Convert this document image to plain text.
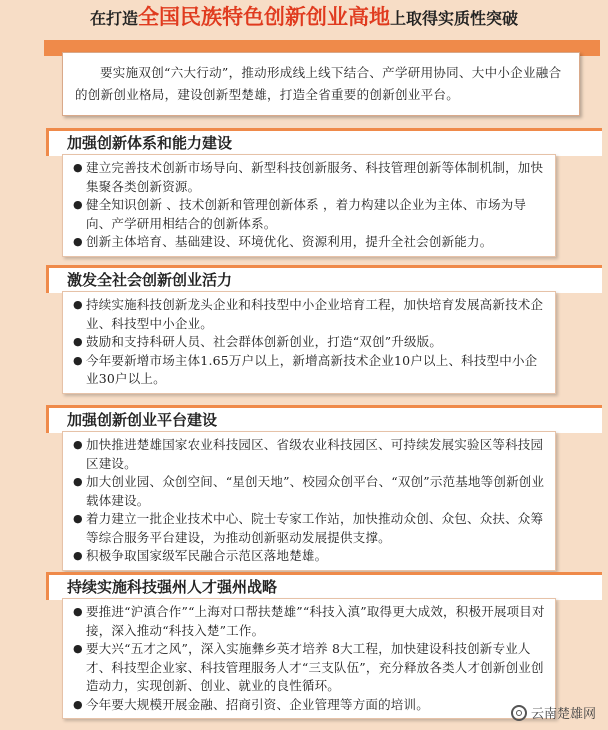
在打造全国民族特色创新创业高地上取得实质性突破
要实施双创“六大行动”，推动形成线上线下结合、产学研用协同、大中小企业融合的创新创业格局，建设创新型楚雄，打造全省重要的创新创业平台。
加强创新体系和能力建设
● 建立完善技术创新市场导向、新型科技创新服务、科技管理创新等体制机制，加快集聚各类创新资源。
● 健全知识创新 、技术创新和管理创新体系 ，着力构建以企业为主体、市场为导向、产学研用相结合的创新体系。
● 创新主体培育、基础建设、环境优化、资源利用，提升全社会创新能力。
激发全社会创新创业活力
● 持续实施科技创新龙头企业和科技型中小企业培育工程，加快培育发展高新技术企业、科技型中小企业。
● 鼓励和支持科研人员、社会群体创新创业，打造“双创”升级版。
● 今年要新增市场主体1.65万户以上，新增高新技术企业10户以上、科技型中小企业30户以上。
加强创新创业平台建设
● 加快推进楚雄国家农业科技园区、省级农业科技园区、可持续发展实验区等科技园区建设。
● 加大创业园、众创空间、“星创天地”、校园众创平台、“双创”示范基地等创新创业载体建设。
● 着力建立一批企业技术中心、院士专家工作站，加快推动众创、众包、众扶、众筹等综合服务平台建设，为推动创新驱动发展提供支撑。
● 积极争取国家级军民融合示范区落地楚雄。
持续实施科技强州人才强州战略
● 要推进“沪滇合作”“上海对口帮扶楚雄”“科技入滇”取得更大成效，积极开展项目对接，深入推动“科技入楚”工作。
● 要大兴“五才之风”，深入实施彝乡英才培养 8大工程，加快建设科技创新专业人才、科技型企业家、科技管理服务人才“三支队伍”，充分释放各类人才创新创业创造动力，实现创新、创业、就业的良性循环。
● 今年要大规模开展金融、招商引资、企业管理等方面的培训。
云南楚雄网
